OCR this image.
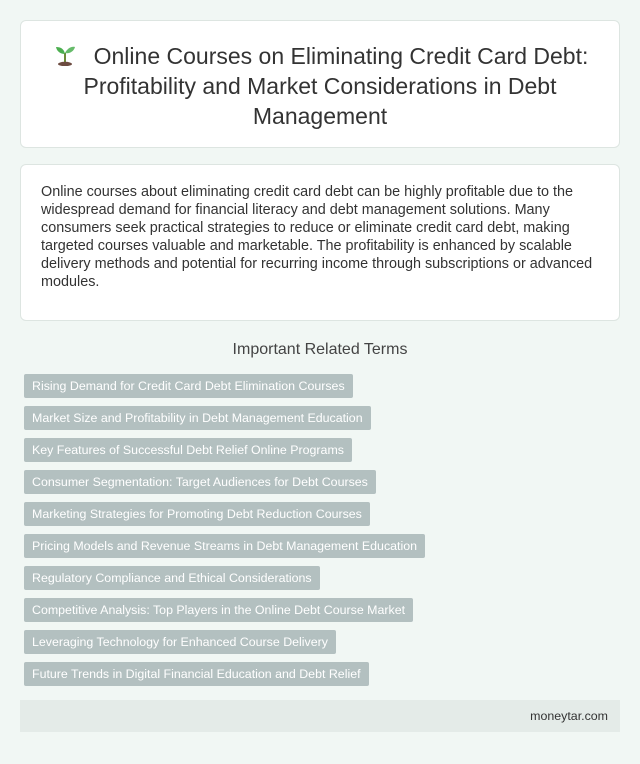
Online Courses on Eliminating Credit Card Debt: Profitability and Market Considerations in Debt Management

Online courses about eliminating credit card debt can be highly profitable due to the widespread demand for financial literacy and debt management solutions. Many consumers seek practical strategies to reduce or eliminate credit card debt, making targeted courses valuable and marketable. The profitability is enhanced by scalable delivery methods and potential for recurring income through subscriptions or advanced modules.

Important Related Terms
Rising Demand for Credit Card Debt Elimination Courses
Market Size and Profitability in Debt Management Education
Key Features of Successful Debt Relief Online Programs
Consumer Segmentation: Target Audiences for Debt Courses
Marketing Strategies for Promoting Debt Reduction Courses
Pricing Models and Revenue Streams in Debt Management Education
Regulatory Compliance and Ethical Considerations
Competitive Analysis: Top Players in the Online Debt Course Market
Leveraging Technology for Enhanced Course Delivery
Future Trends in Digital Financial Education and Debt Relief
moneytar.com
